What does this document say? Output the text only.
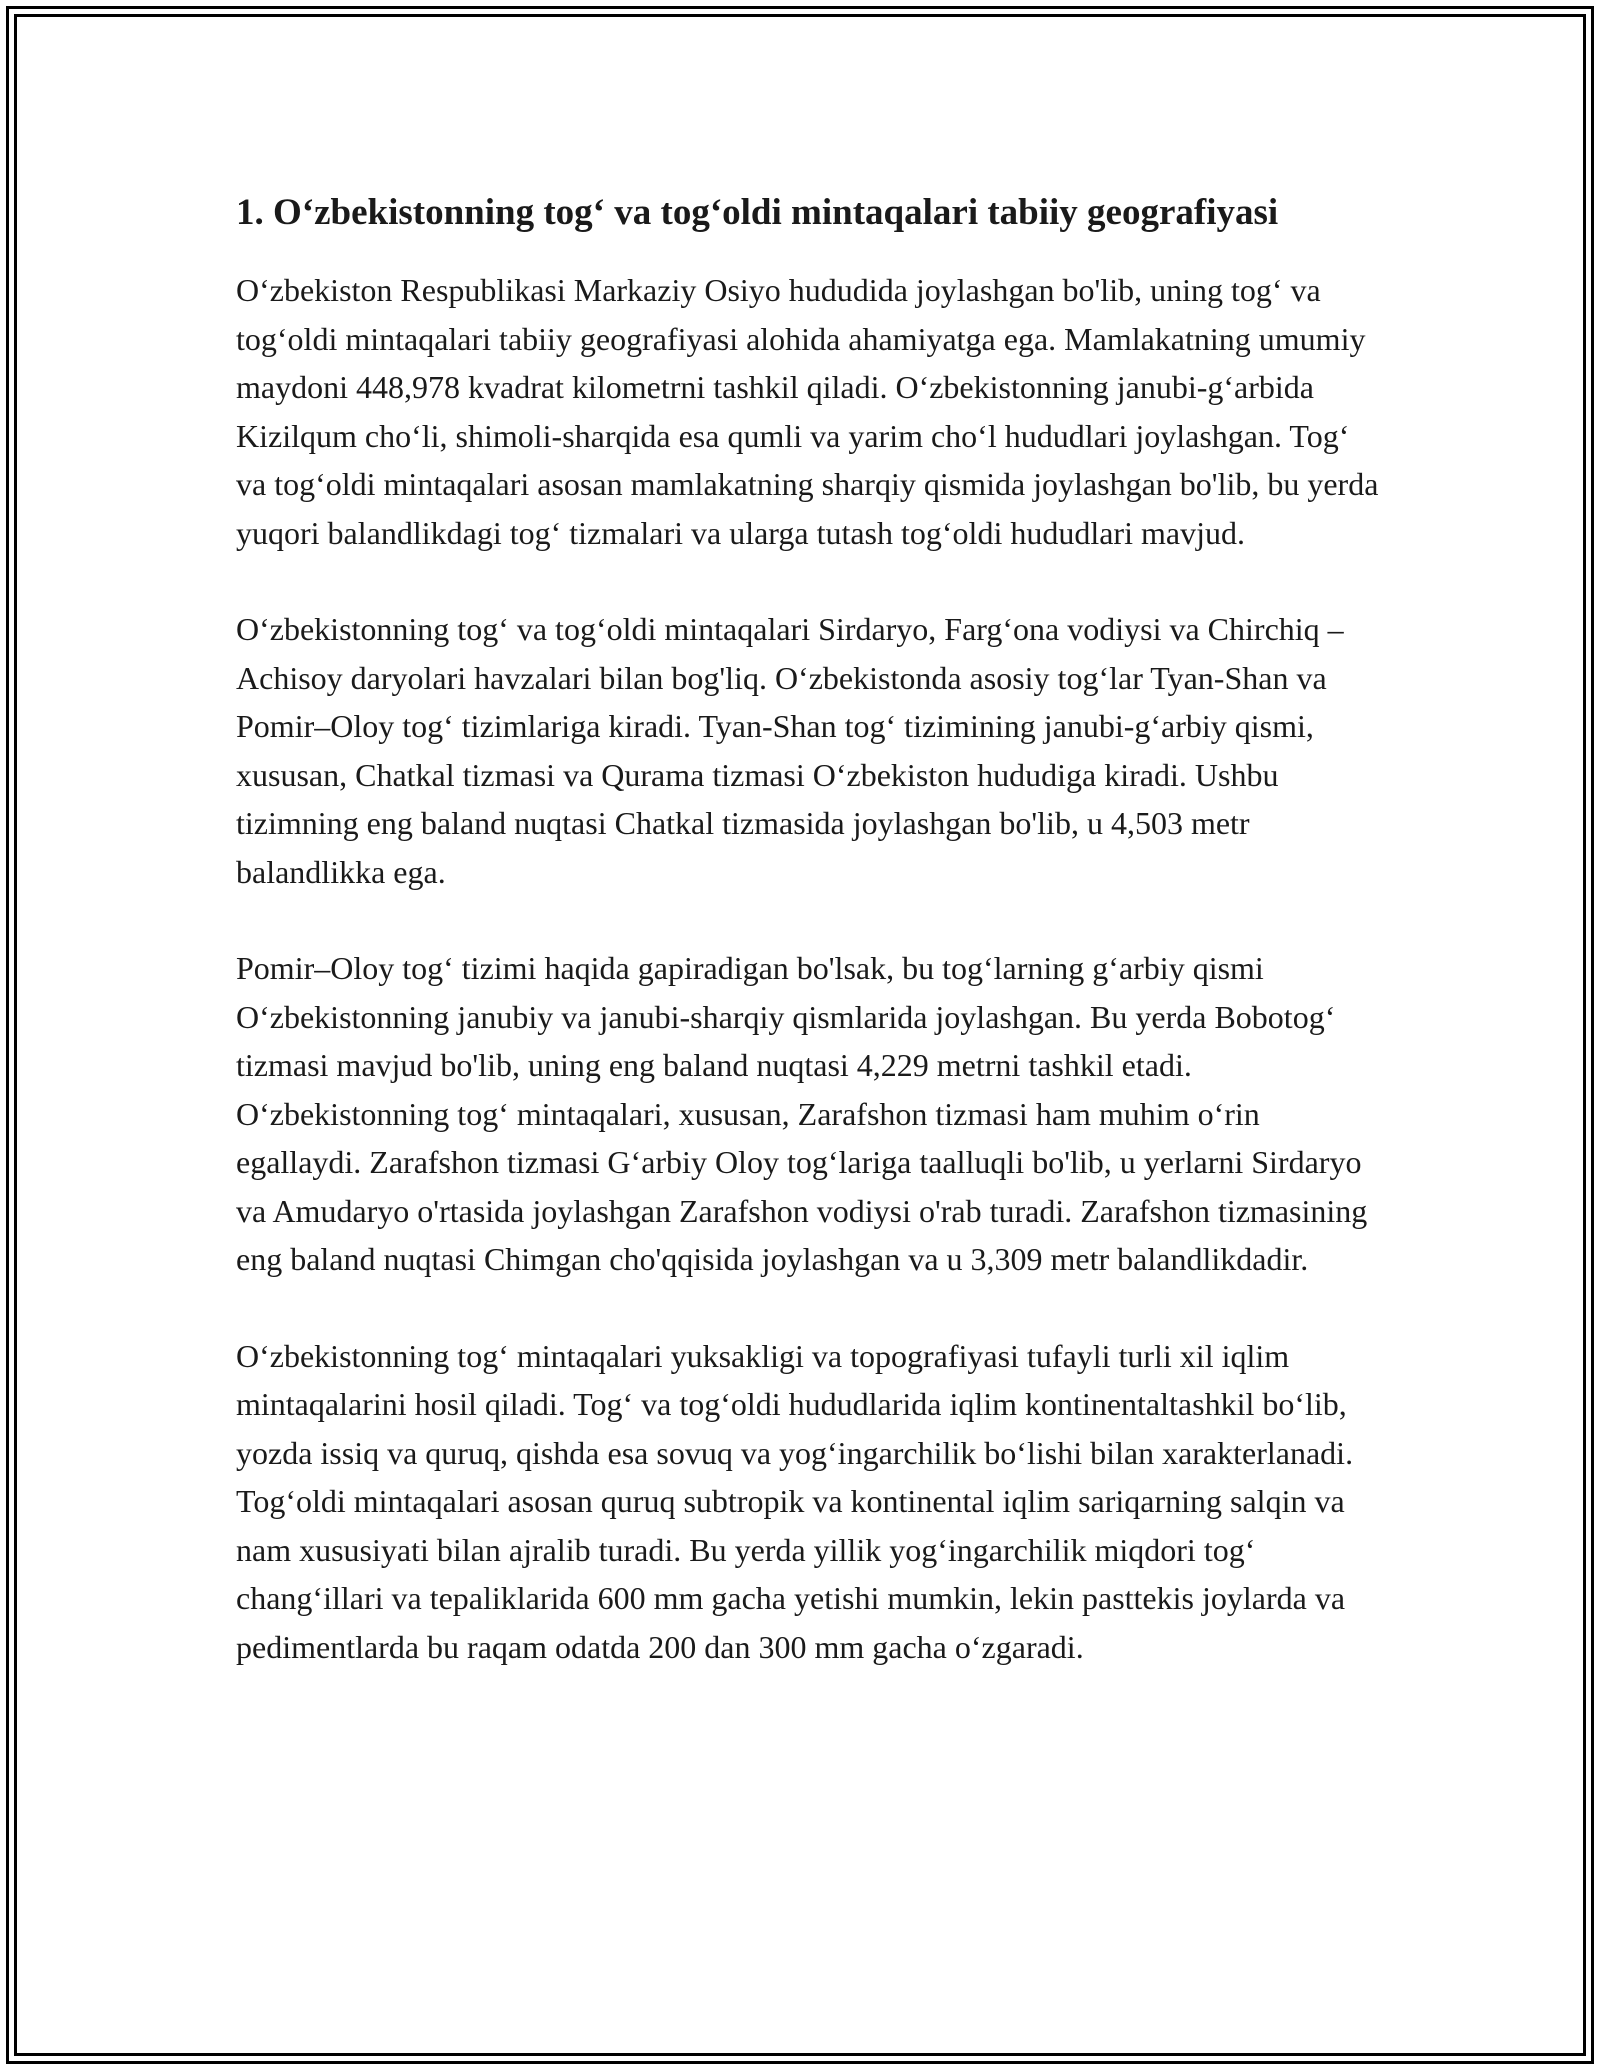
1. O‘zbekistonning tog‘ va tog‘oldi mintaqalari tabiiy geografiyasi

O‘zbekiston Respublikasi Markaziy Osiyo hududida joylashgan bo'lib, uning tog‘ va tog‘oldi mintaqalari tabiiy geografiyasi alohida ahamiyatga ega. Mamlakatning umumiy maydoni 448,978 kvadrat kilometrni tashkil qiladi. O‘zbekistonning janubi-g‘arbida Kizilqum cho‘li, shimoli-sharqida esa qumli va yarim cho‘l hududlari joylashgan. Tog‘ va tog‘oldi mintaqalari asosan mamlakatning sharqiy qismida joylashgan bo'lib, bu yerda yuqori balandlikdagi tog‘ tizmalari va ularga tutash tog‘oldi hududlari mavjud.

O‘zbekistonning tog‘ va tog‘oldi mintaqalari Sirdaryo, Farg‘ona vodiysi va Chirchiq – Achisoy daryolari havzalari bilan bog'liq. O‘zbekistonda asosiy tog‘lar Tyan-Shan va Pomir–Oloy tog‘ tizimlariga kiradi. Tyan-Shan tog‘ tizimining janubi-g‘arbiy qismi, xususan, Chatkal tizmasi va Qurama tizmasi O‘zbekiston hududiga kiradi. Ushbu tizimning eng baland nuqtasi Chatkal tizmasida joylashgan bo'lib, u 4,503 metr balandlikka ega.

Pomir–Oloy tog‘ tizimi haqida gapiradigan bo'lsak, bu tog‘larning g‘arbiy qismi O‘zbekistonning janubiy va janubi-sharqiy qismlarida joylashgan. Bu yerda Bobotog‘ tizmasi mavjud bo'lib, uning eng baland nuqtasi 4,229 metrni tashkil etadi. O‘zbekistonning tog‘ mintaqalari, xususan, Zarafshon tizmasi ham muhim o‘rin egallaydi. Zarafshon tizmasi G‘arbiy Oloy tog‘lariga taalluqli bo'lib, u yerlarni Sirdaryo va Amudaryo o'rtasida joylashgan Zarafshon vodiysi o'rab turadi. Zarafshon tizmasining eng baland nuqtasi Chimgan cho'qqisida joylashgan va u 3,309 metr balandlikdadir.

O‘zbekistonning tog‘ mintaqalari yuksakligi va topografiyasi tufayli turli xil iqlim mintaqalarini hosil qiladi. Tog‘ va tog‘oldi hududlarida iqlim kontinentaltashkil bo‘lib, yozda issiq va quruq, qishda esa sovuq va yog‘ingarchilik bo‘lishi bilan xarakterlanadi. Tog‘oldi mintaqalari asosan quruq subtropik va kontinental iqlim sariqarning salqin va nam xususiyati bilan ajralib turadi. Bu yerda yillik yog‘ingarchilik miqdori tog‘ chang‘illari va tepaliklarida 600 mm gacha yetishi mumkin, lekin pasttekis joylarda va pedimentlarda bu raqam odatda 200 dan 300 mm gacha o‘zgaradi.
